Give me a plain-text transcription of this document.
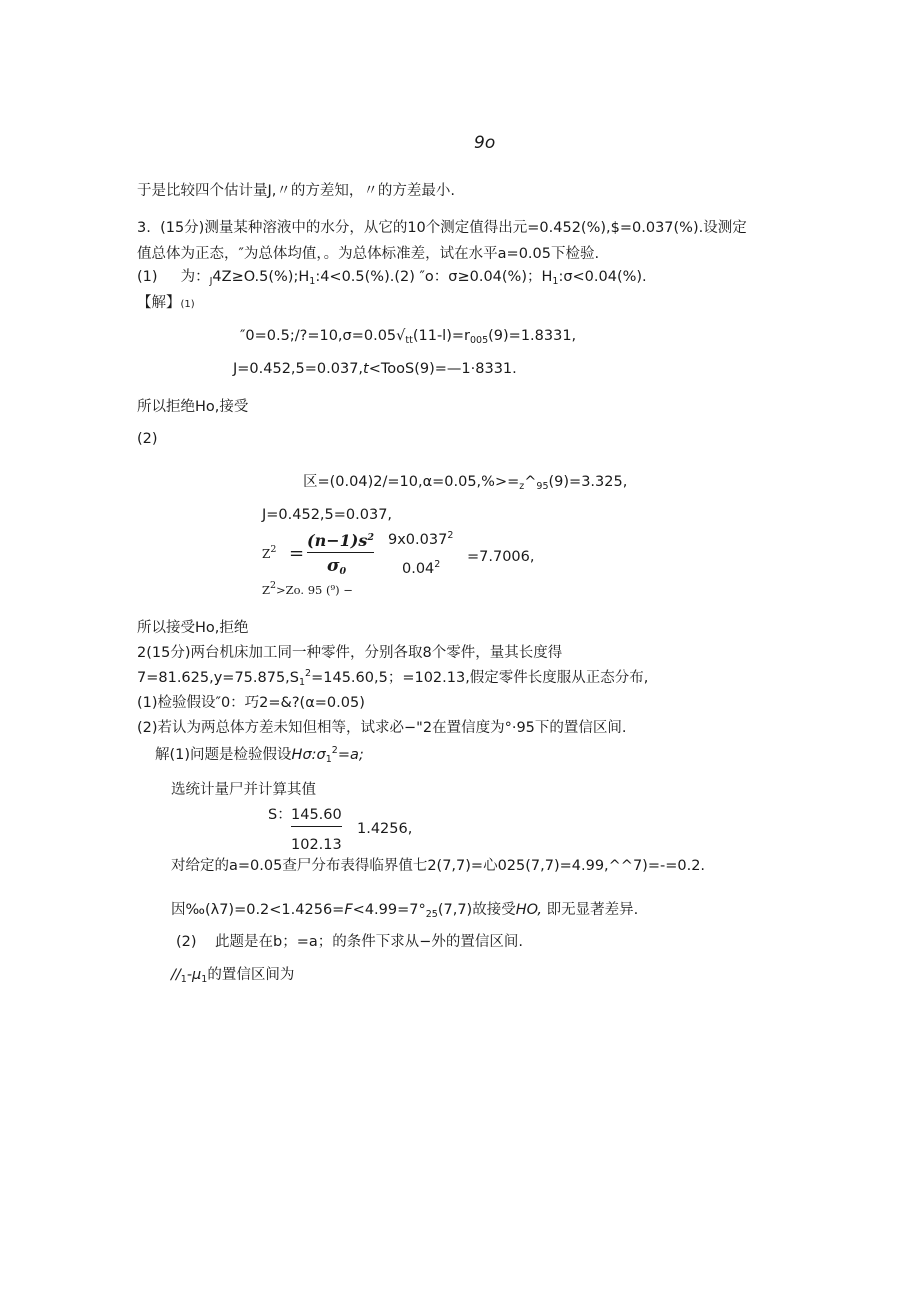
9o
于是比较四个估计量J,〃的方差知，〃的方差最小.
3. (15分)测量某种溶液中的水分，从它的10个测定值得出元=0.452(%),$=0.037(%).设测定
值总体为正态，″为总体均值，。为总体标准差，试在水平a=0.05下检验.
(1) 为：$_J4Z\ge O.5(\%);H_1:4<0.5(\%).(2)$ ″o：σ≥0.04(%)；$H_1:\sigma<0.04(\%)$.
【解】(1)
$''0=0.5;/?=10,\sigma=0.05√_{tt}(11-l)=r_{005}(9)=1.8331$,
J=0.452,5=0.037,t<TooS(9)=—1·8331.
所以拒绝Ho,接受
(2)
区$=(0.04)2/=10,\alpha=0.05,\%>=_z\^{}_{95}(9)=3.325$,
J=0.452,5=0.037,
$Z^2$ =
$(n-1)s^2$
$\sigma_0$
9x0.037$^2$
$0.04^2 =7.7006$,
$Z^2>Zo$. 95 (⁹) −
所以接受Ho,拒绝
2(15分)两台机床加工同一种零件，分别各取8个零件，量其长度得
$7=81.625,y=75.875,S_1^2=145.60,5$；=102.13,假定零件长度服从正态分布,
(1)检验假设″0：巧2=&?(α=0.05)
(2)若认为两总体方差未知但相等，试求必−"2在置信度为°·95下的置信区间.
解(1)问题是检验假设$H\sigma:\sigma_1^2=a$;
选统计量尸并计算其值
S： 145.60
102.13
1.4256,
对给定的a=0.05查尸分布表得临界值七2(7,7)=心025(7,7)=4.99,^^7)=-=0.2.
因$‰(\lambda 7)=0.2<1.4256=F<4.99=7^\circ_{25}(7,7)$故接受HO, 即无显著差异.
(2) 此题是在b；=a；的条件下求从−外的置信区间.
$//_1-\mu_1$的置信区间为
